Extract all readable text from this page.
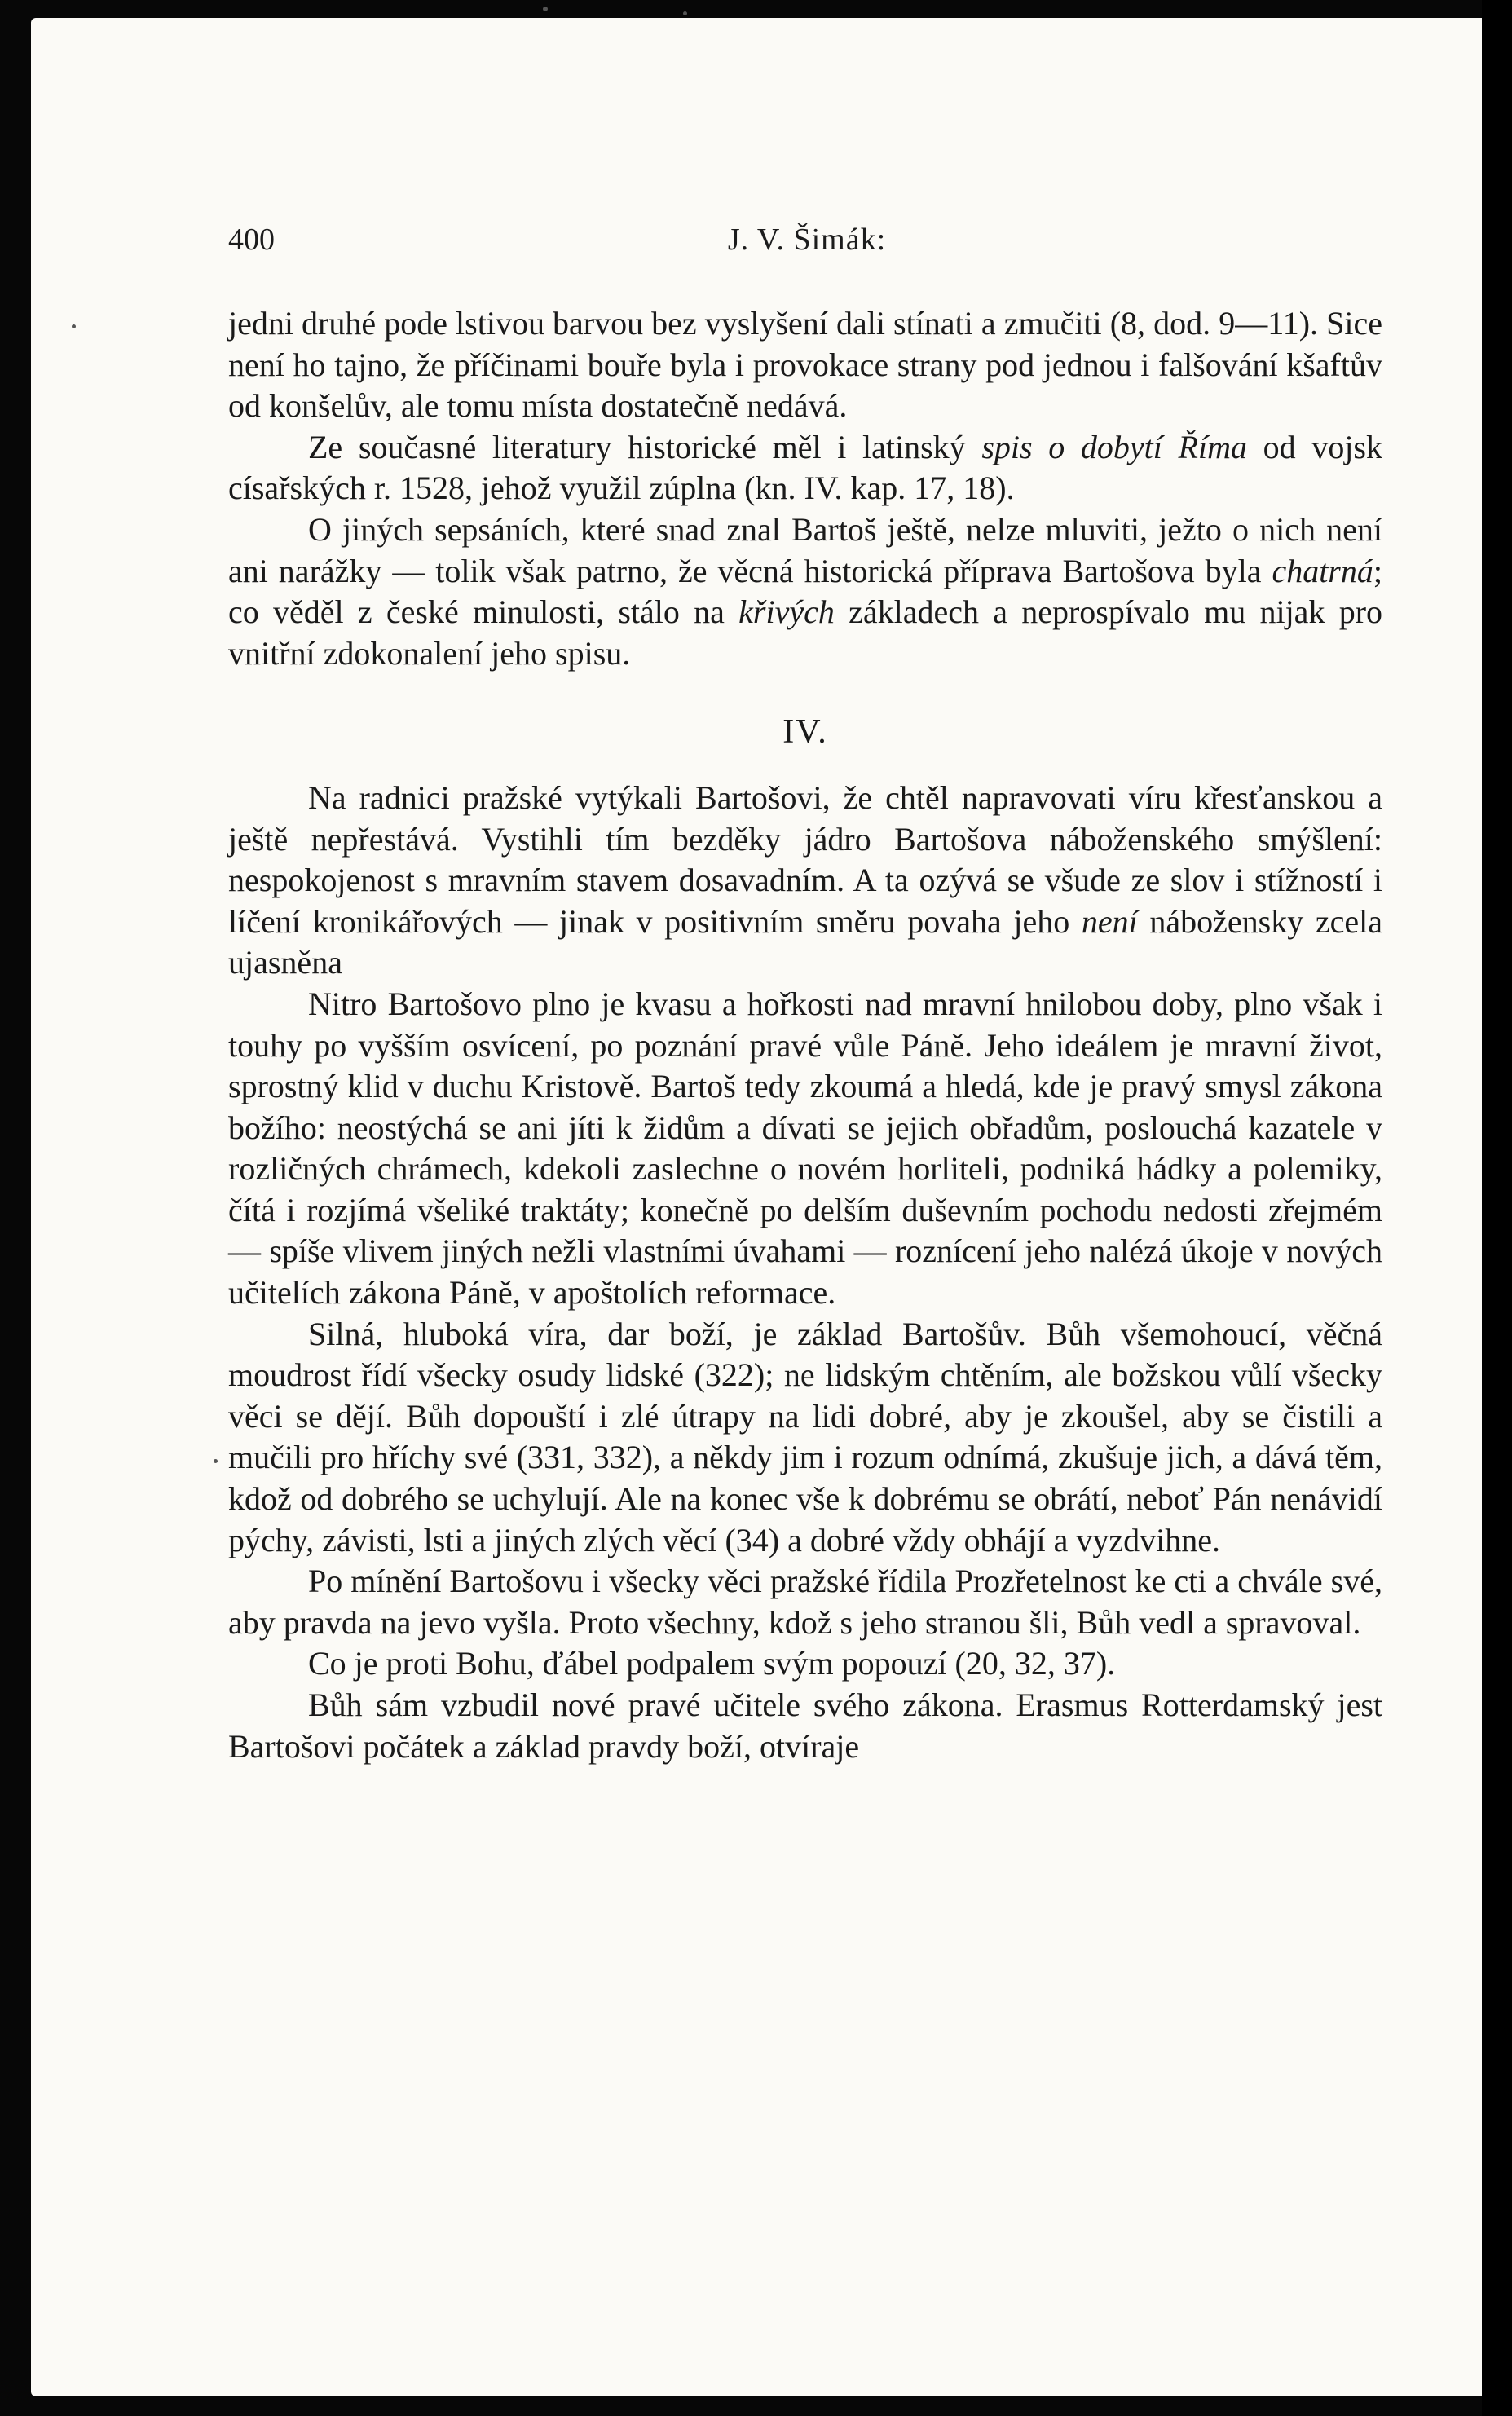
400	J. V. Šimák:

jedni druhé pode lstivou barvou bez vyslyšení dali stínati a zmučiti (8, dod. 9—11). Sice není ho tajno, že příčinami bouře byla i provokace strany pod jednou i falšování kšaftův od konšelův, ale tomu místa dostatečně nedává.

Ze současné literatury historické měl i latinský spis o dobytí Říma od vojsk císařských r. 1528, jehož využil zúplna (kn. IV. kap. 17, 18).

O jiných sepsáních, které snad znal Bartoš ještě, nelze mluviti, ježto o nich není ani narážky — tolik však patrno, že věcná historická příprava Bartošova byla chatrná; co věděl z české minulosti, stálo na křivých základech a neprospívalo mu nijak pro vnitřní zdokonalení jeho spisu.

IV.

Na radnici pražské vytýkali Bartošovi, že chtěl napravovati víru křesťanskou a ještě nepřestává. Vystihli tím bezděky jádro Bartošova náboženského smýšlení: nespokojenost s mravním stavem dosavadním. A ta ozývá se všude ze slov i stížností i líčení kronikářových — jinak v positivním směru povaha jeho není nábožensky zcela ujasněna

Nitro Bartošovo plno je kvasu a hořkosti nad mravní hnilobou doby, plno však i touhy po vyšším osvícení, po poznání pravé vůle Páně. Jeho ideálem je mravní život, sprostný klid v duchu Kristově. Bartoš tedy zkoumá a hledá, kde je pravý smysl zákona božího: neostýchá se ani jíti k židům a dívati se jejich obřadům, poslouchá kazatele v rozličných chrámech, kdekoli zaslechne o novém horliteli, podniká hádky a polemiky, čítá i rozjímá všeliké traktáty; konečně po delším duševním pochodu nedosti zřejmém — spíše vlivem jiných nežli vlastními úvahami — roznícení jeho nalézá úkoje v nových učitelích zákona Páně, v apoštolích reformace.

Silná, hluboká víra, dar boží, je základ Bartošův. Bůh všemohoucí, věčná moudrost řídí všecky osudy lidské (322); ne lidským chtěním, ale božskou vůlí všecky věci se dějí. Bůh dopouští i zlé útrapy na lidi dobré, aby je zkoušel, aby se čistili a mučili pro hříchy své (331, 332), a někdy jim i rozum odnímá, zkušuje jich, a dává těm, kdož od dobrého se uchylují. Ale na konec vše k dobrému se obrátí, neboť Pán nenávidí pýchy, závisti, lsti a jiných zlých věcí (34) a dobré vždy obhájí a vyzdvihne.

Po mínění Bartošovu i všecky věci pražské řídila Prozřetelnost ke cti a chvále své, aby pravda na jevo vyšla. Proto všechny, kdož s jeho stranou šli, Bůh vedl a spravoval.

Co je proti Bohu, ďábel podpalem svým popouzí (20, 32, 37).

Bůh sám vzbudil nové pravé učitele svého zákona. Erasmus Rotterdamský jest Bartošovi počátek a základ pravdy boží, otvíraje
